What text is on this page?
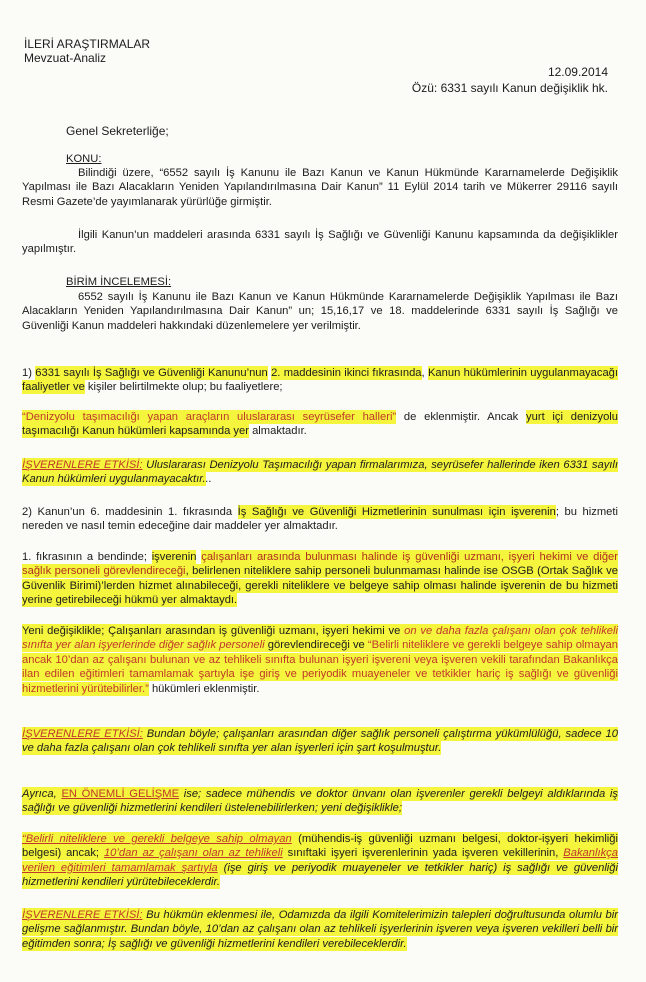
İLERİ ARAŞTIRMALAR
Mevzuat-Analiz
12.09.2014
Özü: 6331 sayılı Kanun değişiklik hk.
Genel Sekreterliğe;
KONU:

Bilindiği üzere, “6552 sayılı İş Kanunu ile Bazı Kanun ve Kanun Hükmünde Kararnamelerde Değişiklik Yapılması ile Bazı Alacakların Yeniden Yapılandırılmasına Dair Kanun” 11 Eylül 2014 tarih ve Mükerrer 29116 sayılı Resmi Gazete’de yayımlanarak yürürlüğe girmiştir.

İlgili Kanun’un maddeleri arasında 6331 sayılı İş Sağlığı ve Güvenliği Kanunu kapsamında da değişiklikler yapılmıştır.

BİRİM İNCELEMESİ:

6552 sayılı İş Kanunu ile Bazı Kanun ve Kanun Hükmünde Kararnamelerde Değişiklik Yapılması ile Bazı Alacakların Yeniden Yapılandırılmasına Dair Kanun” un; 15,16,17 ve 18. maddelerinde 6331 sayılı İş Sağlığı ve Güvenliği Kanun maddeleri hakkındaki düzenlemelere yer verilmiştir.

1) 6331 sayılı İş Sağlığı ve Güvenliği Kanunu’nun 2. maddesinin ikinci fıkrasında, Kanun hükümlerinin uygulanmayacağı faaliyetler ve kişiler belirtilmekte olup; bu faaliyetlere;

“Denizyolu taşımacılığı yapan araçların uluslararası seyrüsefer halleri” de eklenmiştir. Ancak yurt içi denizyolu taşımacılığı Kanun hükümleri kapsamında yer almaktadır.

İŞVERENLERE ETKİSİ: Uluslararası Denizyolu Taşımacılığı yapan firmalarımıza, seyrüsefer hallerinde iken 6331 sayılı Kanun hükümleri uygulanmayacaktır...

2) Kanun’un 6. maddesinin 1. fıkrasında İş Sağlığı ve Güvenliği Hizmetlerinin sunulması için işverenin; bu hizmeti nereden ve nasıl temin edeceğine dair maddeler yer almaktadır.

1. fıkrasının a bendinde; işverenin çalışanları arasında bulunması halinde iş güvenliği uzmanı, işyeri hekimi ve diğer sağlık personeli görevlendireceği, belirlenen niteliklere sahip personeli bulunmaması halinde ise OSGB (Ortak Sağlık ve Güvenlik Birimi)’lerden hizmet alınabileceği, gerekli niteliklere ve belgeye sahip olması halinde işverenin de bu hizmeti yerine getirebileceği hükmü yer almaktaydı.

Yeni değişiklikle; Çalışanları arasından iş güvenliği uzmanı, işyeri hekimi ve on ve daha fazla çalışanı olan çok tehlikeli sınıfta yer alan işyerlerinde diğer sağlık personeli görevlendireceği ve “Belirli niteliklere ve gerekli belgeye sahip olmayan ancak 10’dan az çalışanı bulunan ve az tehlikeli sınıfta bulunan işyeri işvereni veya işveren vekili tarafından Bakanlıkça ilan edilen eğitimleri tamamlamak şartıyla işe giriş ve periyodik muayeneler ve tetkikler hariç iş sağlığı ve güvenliği hizmetlerini yürütebilirler.” hükümleri eklenmiştir.

İŞVERENLERE ETKİSİ: Bundan böyle; çalışanları arasından diğer sağlık personeli çalıştırma yükümlülüğü, sadece 10 ve daha fazla çalışanı olan çok tehlikeli sınıfta yer alan işyerleri için şart koşulmuştur.

Ayrıca, EN ÖNEMLİ GELİŞME ise; sadece mühendis ve doktor ünvanı olan işverenler gerekli belgeyi aldıklarında iş sağlığı ve güvenliği hizmetlerini kendileri üstelenebilirlerken; yeni değişiklikle;

“Belirli niteliklere ve gerekli belgeye sahip olmayan (mühendis-iş güvenliği uzmanı belgesi, doktor-işyeri hekimliği belgesi) ancak; 10’dan az çalışanı olan az tehlikeli sınıftaki işyeri işverenlerinin yada işveren vekillerinin, Bakanlıkça verilen eğitimleri tamamlamak şartıyla (işe giriş ve periyodik muayeneler ve tetkikler hariç) iş sağlığı ve güvenliği hizmetlerini kendileri yürütebileceklerdir.

İŞVERENLERE ETKİSİ: Bu hükmün eklenmesi ile, Odamızda da ilgili Komitelerimizin talepleri doğrultusunda olumlu bir gelişme sağlanmıştır. Bundan böyle, 10’dan az çalışanı olan az tehlikeli işyerlerinin işveren veya işveren vekilleri belli bir eğitimden sonra; İş sağlığı ve güvenliği hizmetlerini kendileri verebileceklerdir.
